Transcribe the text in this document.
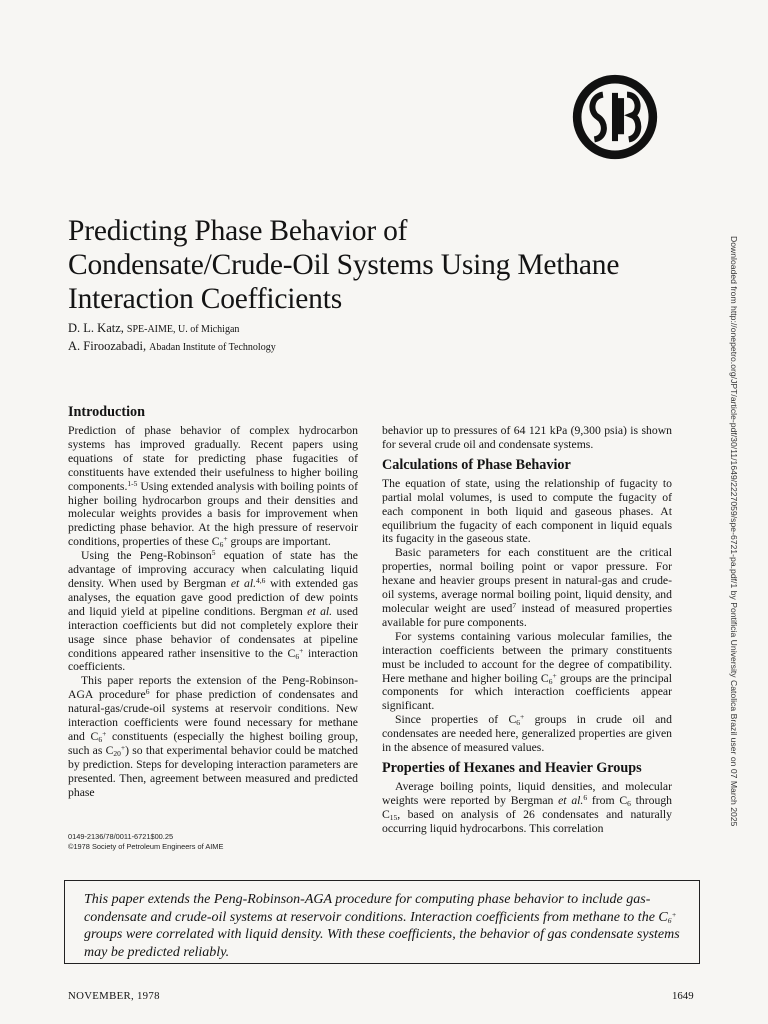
Downloaded from http://onepetro.org/JPT/article-pdf/30/11/1649/2227059/spe-6721-pa.pdf/1 by Pontificia University Catolica Brazil user on 07 March 2025
Predicting Phase Behavior of
Condensate/Crude-Oil Systems Using Methane
Interaction Coefficients
D. L. Katz, SPE-AIME, U. of Michigan
A. Firoozabadi, Abadan Institute of Technology
Introduction

Prediction of phase behavior of complex hydrocarbon systems has improved gradually. Recent papers using equations of state for predicting phase fugacities of constituents have extended their usefulness to higher boiling components.$^{1-5}$ Using extended analysis with boiling points of higher boiling hydrocarbon groups and their densities and molecular weights provides a basis for improvement when predicting phase behavior. At the high pressure of reservoir conditions, properties of these $C_6^+$ groups are important.

Using the Peng-Robinson$^5$ equation of state has the advantage of improving accuracy when calculating liquid density. When used by Bergman et al.$^{4,6}$ with extended gas analyses, the equation gave good prediction of dew points and liquid yield at pipeline conditions. Bergman et al. used interaction coefficients but did not completely explore their usage since phase behavior of condensates at pipeline conditions appeared rather insensitive to the $C_6^+$ interaction coefficients.

This paper reports the extension of the Peng-Robinson-AGA procedure$^6$ for phase prediction of condensates and natural-gas/crude-oil systems at reservoir conditions. New interaction coefficients were found necessary for methane and $C_6^+$ constituents (especially the highest boiling group, such as $C_{20}^+$) so that experimental behavior could be matched by prediction. Steps for developing interaction parameters are presented. Then, agreement between measured and predicted phase

0149-2136/78/0011-6721$00.25
©1978 Society of Petroleum Engineers of AIME

behavior up to pressures of 64 121 kPa (9,300 psia) is shown for several crude oil and condensate systems.

Calculations of Phase Behavior

The equation of state, using the relationship of fugacity to partial molal volumes, is used to compute the fugacity of each component in both liquid and gaseous phases. At equilibrium the fugacity of each component in liquid equals its fugacity in the gaseous state.

Basic parameters for each constituent are the critical properties, normal boiling point or vapor pressure. For hexane and heavier groups present in natural-gas and crude-oil systems, average normal boiling point, liquid density, and molecular weight are used$^7$ instead of measured properties available for pure components.

For systems containing various molecular families, the interaction coefficients between the primary constituents must be included to account for the degree of compatibility. Here methane and higher boiling $C_6^+$ groups are the principal components for which interaction coefficients appear significant.

Since properties of $C_6^+$ groups in crude oil and condensates are needed here, generalized properties are given in the absence of measured values.

Properties of Hexanes and Heavier Groups

Average boiling points, liquid densities, and molecular weights were reported by Bergman et al.$^6$ from $C_6$ through $C_{15}$, based on analysis of 26 condensates and naturally occurring liquid hydrocarbons. This correlation

This paper extends the Peng-Robinson-AGA procedure for computing phase behavior to include gas-condensate and crude-oil systems at reservoir conditions. Interaction coefficients from methane to the $C_6^+$ groups were correlated with liquid density. With these coefficients, the behavior of gas condensate systems may be predicted reliably.

NOVEMBER, 1978	1649
